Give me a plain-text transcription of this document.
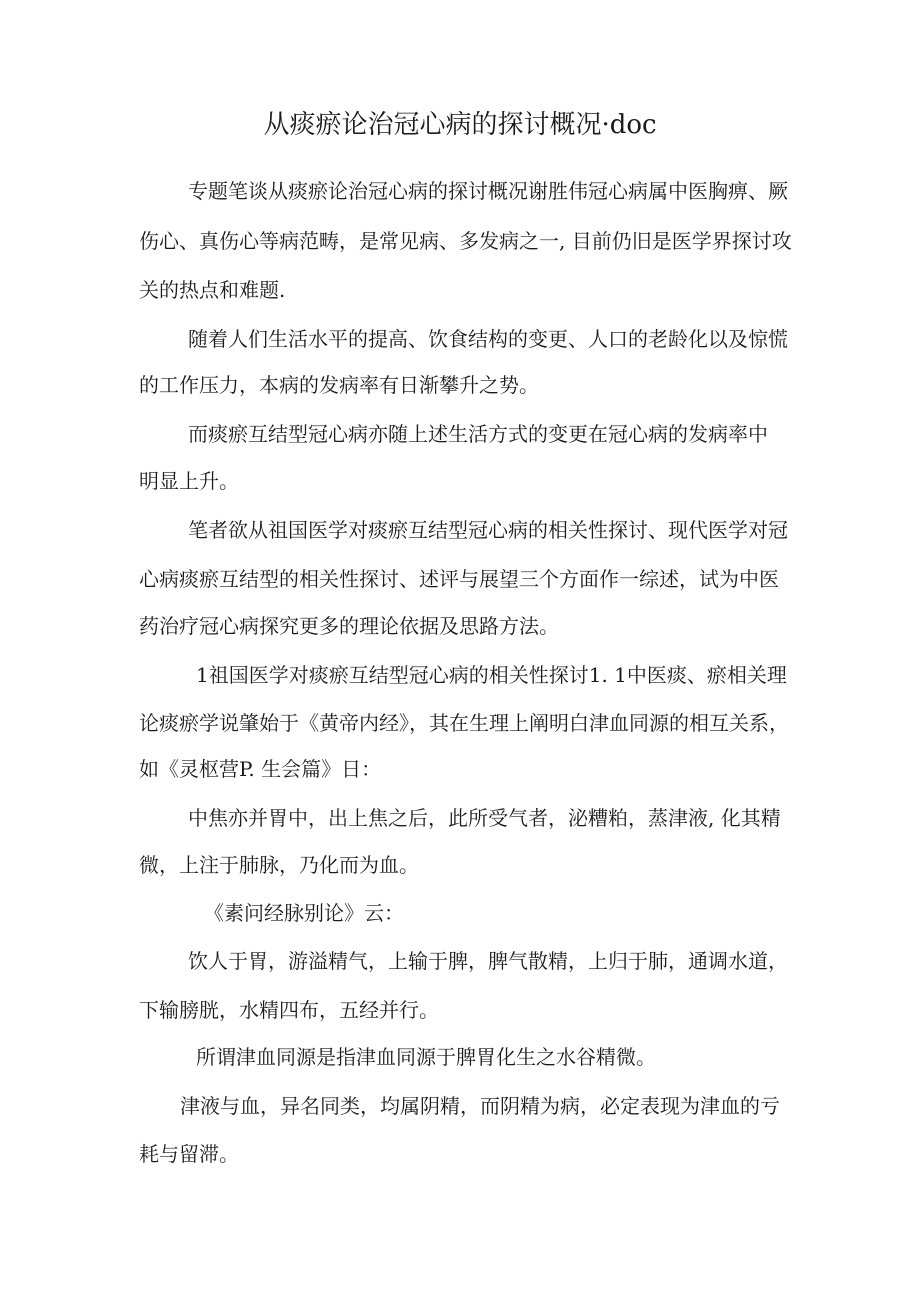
从痰瘀论治冠心病的探讨概况·doc

专题笔谈从痰瘀论治冠心病的探讨概况谢胜伟冠心病属中医胸痹、厥

伤心、真伤心等病范畴，是常见病、多发病之一, 目前仍旧是医学界探讨攻

关的热点和难题.

随着人们生活水平的提高、饮食结构的变更、人口的老龄化以及惊慌

的工作压力，本病的发病率有日渐攀升之势。

而痰瘀互结型冠心病亦随上述生活方式的变更在冠心病的发病率中

明显上升。

笔者欲从祖国医学对痰瘀互结型冠心病的相关性探讨、现代医学对冠

心病痰瘀互结型的相关性探讨、述评与展望三个方面作一综述，试为中医

药治疗冠心病探究更多的理论依据及思路方法。

1祖国医学对痰瘀互结型冠心病的相关性探讨1. 1中医痰、瘀相关理

论痰瘀学说肇始于《黄帝内经》，其在生理上阐明白津血同源的相互关系，

如《灵枢营P. 生会篇》日：

中焦亦并胃中，出上焦之后，此所受气者，泌糟粕，蒸津液, 化其精

微，上注于肺脉，乃化而为血。

《素问经脉别论》云：

饮人于胃，游溢精气，上输于脾，脾气散精，上归于肺，通调水道，

下输膀胱，水精四布，五经并行。

所谓津血同源是指津血同源于脾胃化生之水谷精微。

津液与血，异名同类，均属阴精，而阴精为病，必定表现为津血的亏

耗与留滞。
